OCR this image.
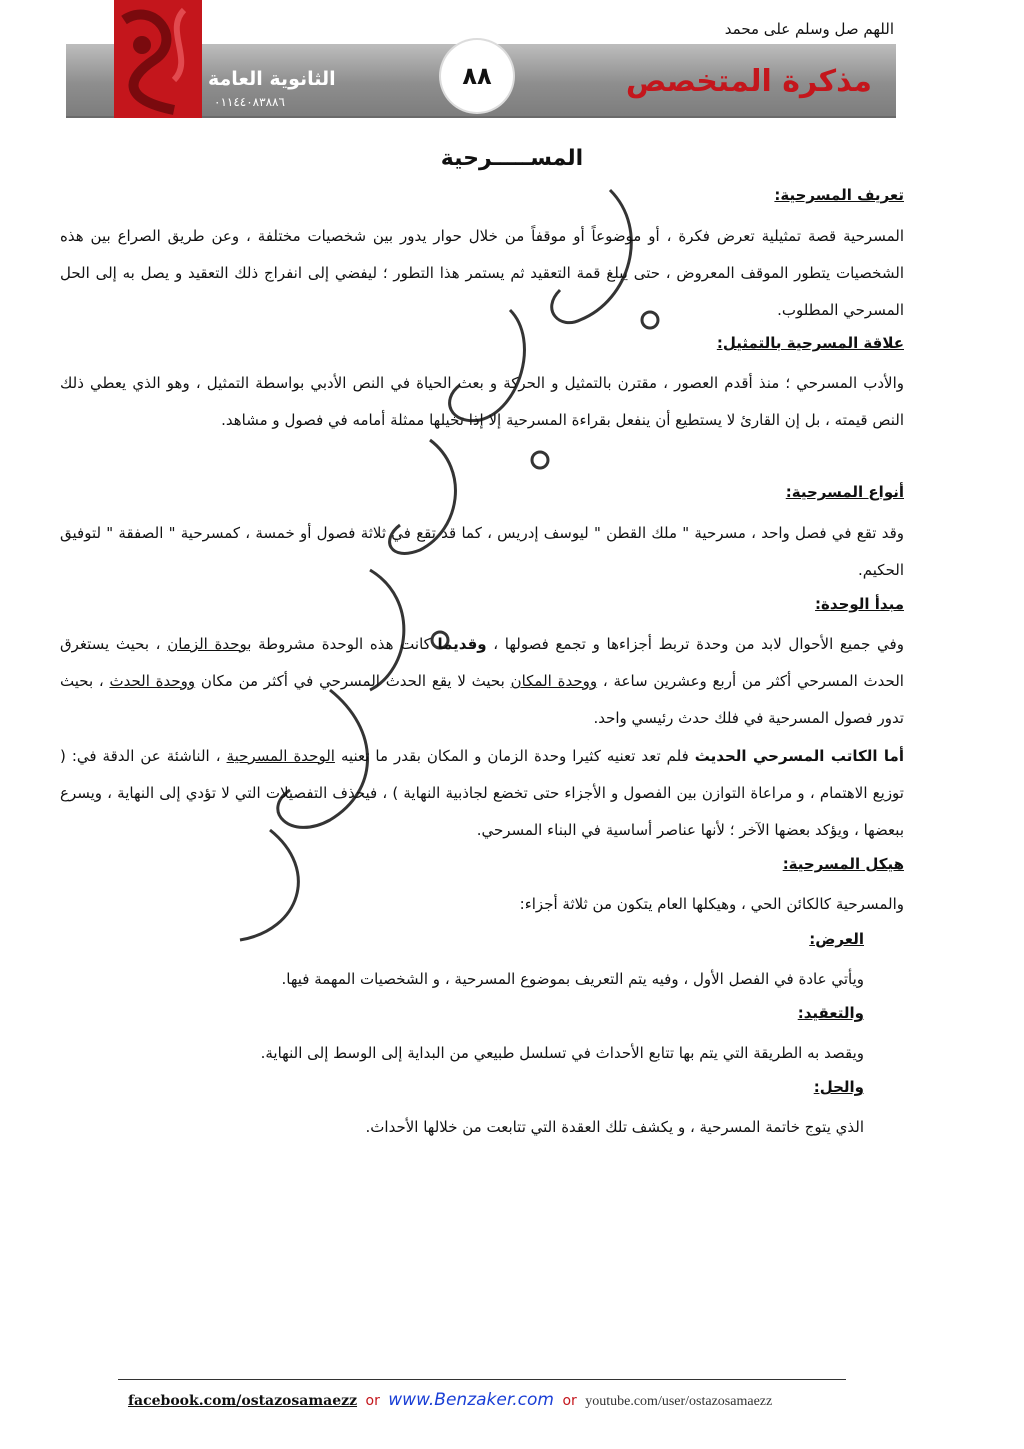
اللهم صل وسلم على محمد
الثانوية العامة
٠١١٤٤٠٨٣٨٨٦
٨٨	مذكرة المتخصص
المســـــرحية
تعريف المسرحية:
المسرحية قصة تمثيلية تعرض فكرة ، أو موضوعاً أو موقفاً من خلال حوار يدور بين شخصيات مختلفة ، وعن طريق الصراع بين هذه الشخصيات يتطور الموقف المعروض ، حتى يبلغ قمة التعقيد ثم يستمر هذا التطور ؛ ليفضي إلى انفراج ذلك التعقيد و يصل به إلى الحل المسرحي المطلوب.
علاقة المسرحية بالتمثيل:
والأدب المسرحي ؛ منذ أقدم العصور ، مقترن بالتمثيل و الحركة و بعث الحياة في النص الأدبي بواسطة التمثيل ، وهو الذي يعطي ذلك النص قيمته ، بل إن القارئ لا يستطيع أن ينفعل بقراءة المسرحية إلا إذا تخيلها ممثلة أمامه في فصول و مشاهد.
أنواع المسرحية:
وقد تقع في فصل واحد ، مسرحية " ملك القطن " ليوسف إدريس ، كما قد تقع في ثلاثة فصول أو خمسة ، كمسرحية " الصفقة " لتوفيق الحكيم.
مبدأ الوحدة:
وفي جميع الأحوال لابد من وحدة تربط أجزاءها و تجمع فصولها ، وقديما كانت هذه الوحدة مشروطة بوحدة الزمان ، بحيث يستغرق الحدث المسرحي أكثر من أربع وعشرين ساعة ، ووحدة المكان بحيث لا يقع الحدث المسرحي في أكثر من مكان ووحدة الحدث ، بحيث تدور فصول المسرحية في فلك حدث رئيسي واحد.
أما الكاتب المسرحي الحديث فلم تعد تعنيه كثيرا وحدة الزمان و المكان بقدر ما تعنيه الوحدة المسرحية ، الناشئة عن الدقة في: ( توزيع الاهتمام ، و مراعاة التوازن بين الفصول و الأجزاء حتى تخضع لجاذبية النهاية ) ، فيحذف التفصيلات التي لا تؤدي إلى النهاية ، ويسرع ببعضها ، ويؤكد بعضها الآخر ؛ لأنها عناصر أساسية في البناء المسرحي.
هيكل المسرحية:
والمسرحية كالكائن الحي ، وهيكلها العام يتكون من ثلاثة أجزاء:
العرض:
ويأتي عادة في الفصل الأول ، وفيه يتم التعريف بموضوع المسرحية ، و الشخصيات المهمة فيها.
والتعقيد:
ويقصد به الطريقة التي يتم بها تتابع الأحداث في تسلسل طبيعي من البداية إلى الوسط إلى النهاية.
والحل:
الذي يتوج خاتمة المسرحية ، و يكشف تلك العقدة التي تتابعت من خلالها الأحداث.
facebook.com/ostazosamaezz or www.Benzaker.com or youtube.com/user/ostazosamaezz
